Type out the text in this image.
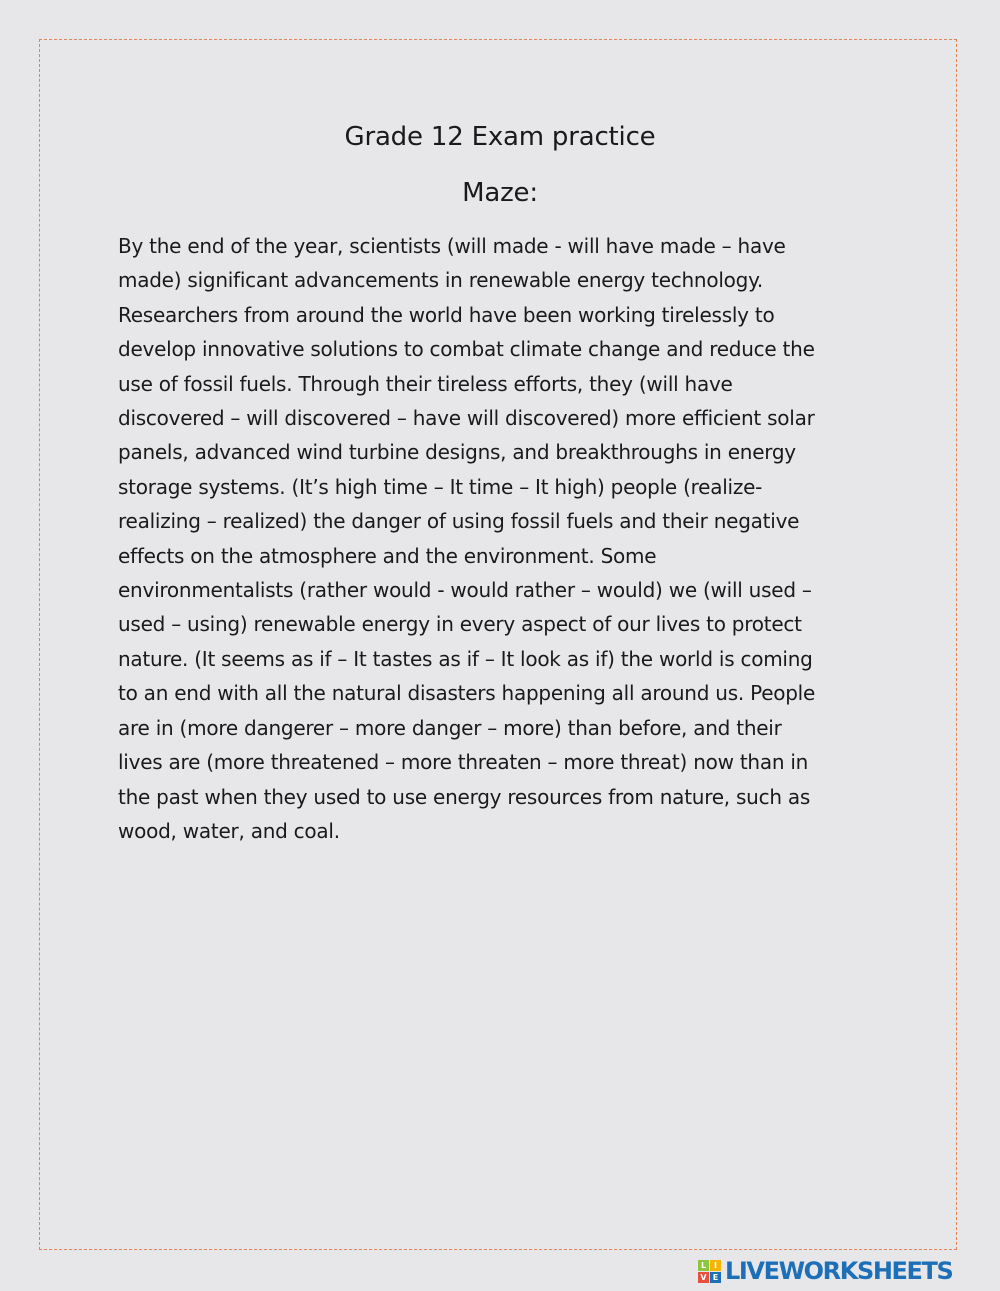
Grade 12 Exam practice
Maze:

By the end of the year, scientists (will made - will have made – have
made) significant advancements in renewable energy technology.
Researchers from around the world have been working tirelessly to
develop innovative solutions to combat climate change and reduce the
use of fossil fuels. Through their tireless efforts, they (will have
discovered – will discovered – have will discovered) more efficient solar
panels, advanced wind turbine designs, and breakthroughs in energy
storage systems. (It’s high time – It time – It high) people (realize-
realizing – realized) the danger of using fossil fuels and their negative
effects on the atmosphere and the environment. Some
environmentalists (rather would - would rather – would) we (will used –
used – using) renewable energy in every aspect of our lives to protect
nature. (It seems as if – It tastes as if – It look as if) the world is coming
to an end with all the natural disasters happening all around us. People
are in (more dangerer – more danger – more) than before, and their
lives are (more threatened – more threaten – more threat) now than in
the past when they used to use energy resources from nature, such as
wood, water, and coal.

L I
V E LIVEWORKSHEETS
